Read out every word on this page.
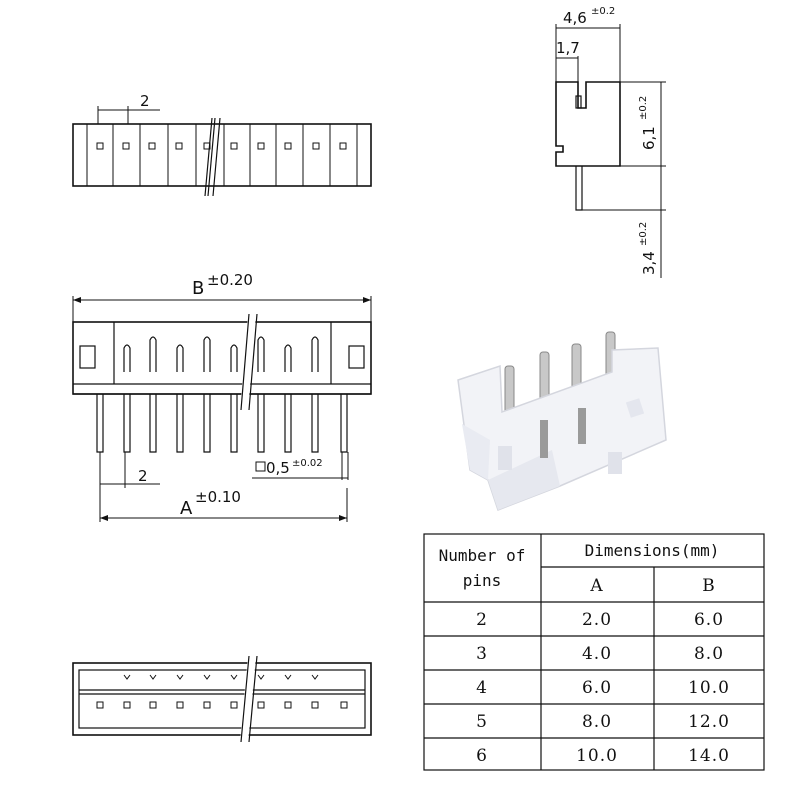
2
4,6 ±0.2
1,7
6,1
±0.2
3,4
±0.2
B ±0.20
2	0,5 ±0.02
A
±0.10
Number of
pins
Dimensions(mm)
A	B
2	2.0	6.0
3	4.0	8.0
4	6.0	10.0
5	8.0	12.0
6	10.0	14.0
